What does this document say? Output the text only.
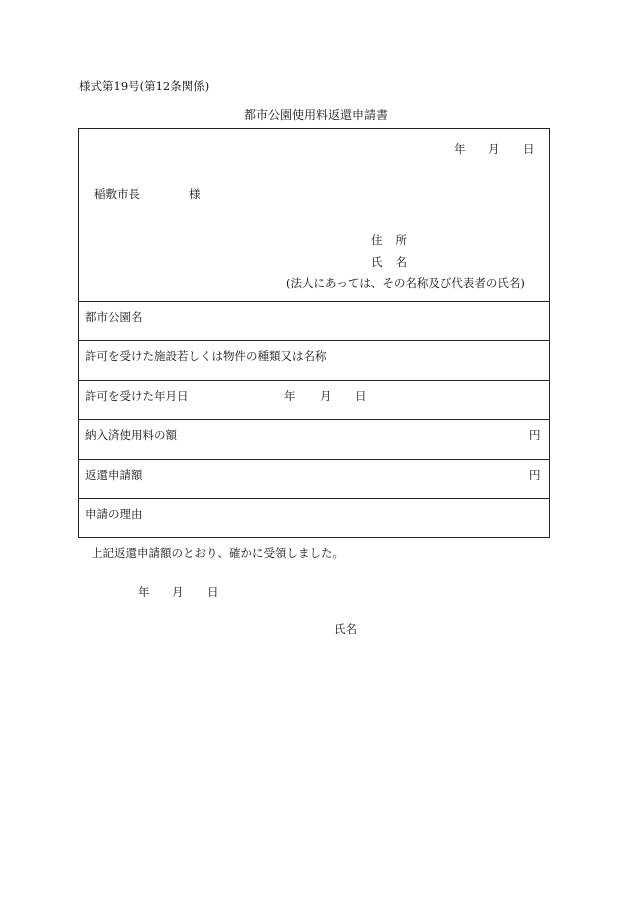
様式第19号(第12条関係)
都市公園使用料返還申請書
年 月 日
稲敷市長	様
住所
氏名
(法人にあっては、その名称及び代表者の氏名)
都市公園名
許可を受けた施設若しくは物件の種類又は名称
許可を受けた年月日	年 月 日
納入済使用料の額	円
返還申請額	円
申請の理由
上記返還申請額のとおり、確かに受領しました。
年 月 日
氏名
